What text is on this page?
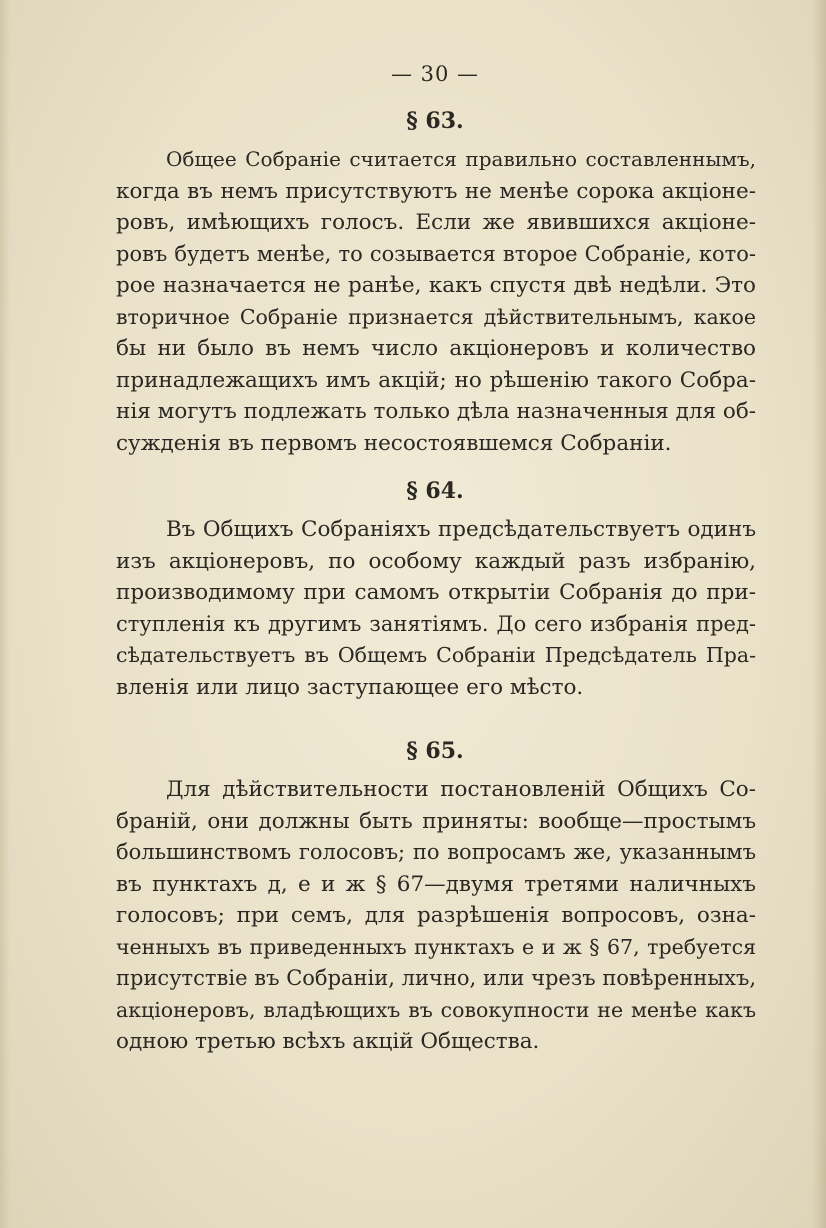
— 30 —
§ 63.
Общее Собраніе считается правильно составленнымъ,
когда въ немъ присутствуютъ не менѣе сорока акціоне-
ровъ, имѣющихъ голосъ. Если же явившихся акціоне-
ровъ будетъ менѣе, то созывается второе Собраніе, кото-
рое назначается не ранѣе, какъ спустя двѣ недѣли. Это
вторичное Собраніе признается дѣйствительнымъ, какое
бы ни было въ немъ число акціонеровъ и количество
принадлежащихъ имъ акцій; но рѣшенію такого Собра-
нія могутъ подлежать только дѣла назначенныя для об-
сужденія въ первомъ несостоявшемся Собраніи.
§ 64.
Въ Общихъ Собраніяхъ предсѣдательствуетъ одинъ
изъ акціонеровъ, по особому каждый разъ избранію,
производимому при самомъ открытіи Собранія до при-
ступленія къ другимъ занятіямъ. До сего избранія пред-
сѣдательствуетъ въ Общемъ Собраніи Предсѣдатель Пра-
вленія или лицо заступающее его мѣсто.
§ 65.
Для дѣйствительности постановленій Общихъ Со-
браній, они должны быть приняты: вообще—простымъ
большинствомъ голосовъ; по вопросамъ же, указаннымъ
въ пунктахъ д, е и ж § 67—двумя третями наличныхъ
голосовъ; при семъ, для разрѣшенія вопросовъ, озна-
ченныхъ въ приведенныхъ пунктахъ е и ж § 67, требуется
присутствіе въ Собраніи, лично, или чрезъ повѣренныхъ,
акціонеровъ, владѣющихъ въ совокупности не менѣе какъ
одною третью всѣхъ акцій Общества.
